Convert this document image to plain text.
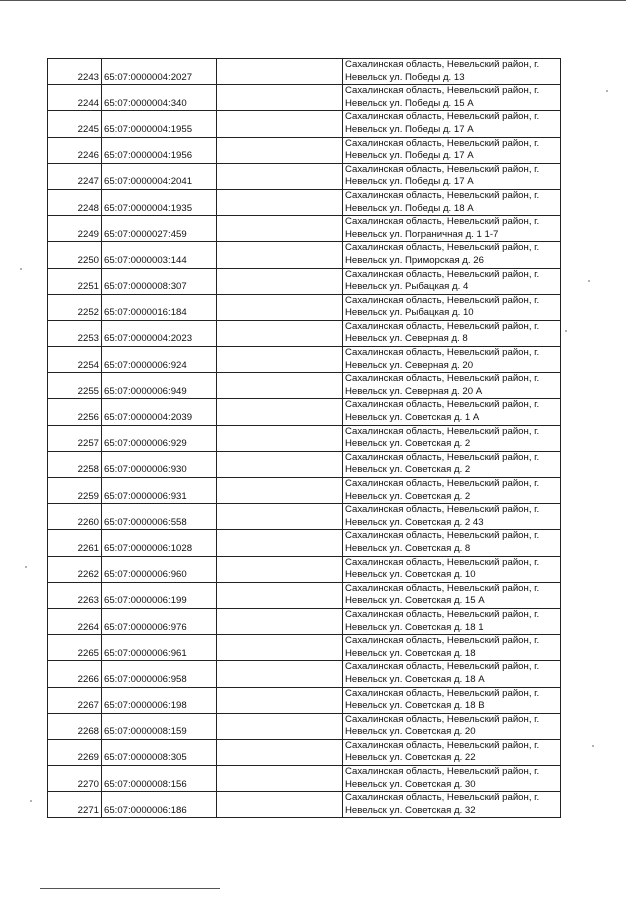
2243	65:07:0000004:2027		Сахалинская область, Невельский район, г.
Невельск ул. Победы д. 13

2244	65:07:0000004:340		Сахалинская область, Невельский район, г.
Невельск ул. Победы д. 15 А

2245	65:07:0000004:1955		Сахалинская область, Невельский район, г.
Невельск ул. Победы д. 17 А

2246	65:07:0000004:1956		Сахалинская область, Невельский район, г.
Невельск ул. Победы д. 17 А

2247	65:07:0000004:2041		Сахалинская область, Невельский район, г.
Невельск ул. Победы д. 17 А

2248	65:07:0000004:1935		Сахалинская область, Невельский район, г.
Невельск ул. Победы д. 18 А

2249	65:07:0000027:459		Сахалинская область, Невельский район, г.
Невельск ул. Пограничная д. 1 1-7

2250	65:07:0000003:144		Сахалинская область, Невельский район, г.
Невельск ул. Приморская д. 26

2251	65:07:0000008:307		Сахалинская область, Невельский район, г.
Невельск ул. Рыбацкая д. 4

2252	65:07:0000016:184		Сахалинская область, Невельский район, г.
Невельск ул. Рыбацкая д. 10

2253	65:07:0000004:2023		Сахалинская область, Невельский район, г.
Невельск ул. Северная д. 8

2254	65:07:0000006:924		Сахалинская область, Невельский район, г.
Невельск ул. Северная д. 20

2255	65:07:0000006:949		Сахалинская область, Невельский район, г.
Невельск ул. Северная д. 20 А

2256	65:07:0000004:2039		Сахалинская область, Невельский район, г.
Невельск ул. Советская д. 1 А

2257	65:07:0000006:929		Сахалинская область, Невельский район, г.
Невельск ул. Советская д. 2

2258	65:07:0000006:930		Сахалинская область, Невельский район, г.
Невельск ул. Советская д. 2

2259	65:07:0000006:931		Сахалинская область, Невельский район, г.
Невельск ул. Советская д. 2

2260	65:07:0000006:558		Сахалинская область, Невельский район, г.
Невельск ул. Советская д. 2 43

2261	65:07:0000006:1028		Сахалинская область, Невельский район, г.
Невельск ул. Советская д. 8

2262	65:07:0000006:960		Сахалинская область, Невельский район, г.
Невельск ул. Советская д. 10

2263	65:07:0000006:199		Сахалинская область, Невельский район, г.
Невельск ул. Советская д. 15 А

2264	65:07:0000006:976		Сахалинская область, Невельский район, г.
Невельск ул. Советская д. 18 1

2265	65:07:0000006:961		Сахалинская область, Невельский район, г.
Невельск ул. Советская д. 18

2266	65:07:0000006:958		Сахалинская область, Невельский район, г.
Невельск ул. Советская д. 18 А

2267	65:07:0000006:198		Сахалинская область, Невельский район, г.
Невельск ул. Советская д. 18 В

2268	65:07:0000008:159		Сахалинская область, Невельский район, г.
Невельск ул. Советская д. 20

2269	65:07:0000008:305		Сахалинская область, Невельский район, г.
Невельск ул. Советская д. 22

2270	65:07:0000008:156		Сахалинская область, Невельский район, г.
Невельск ул. Советская д. 30

2271	65:07:0000006:186		Сахалинская область, Невельский район, г.
Невельск ул. Советская д. 32
